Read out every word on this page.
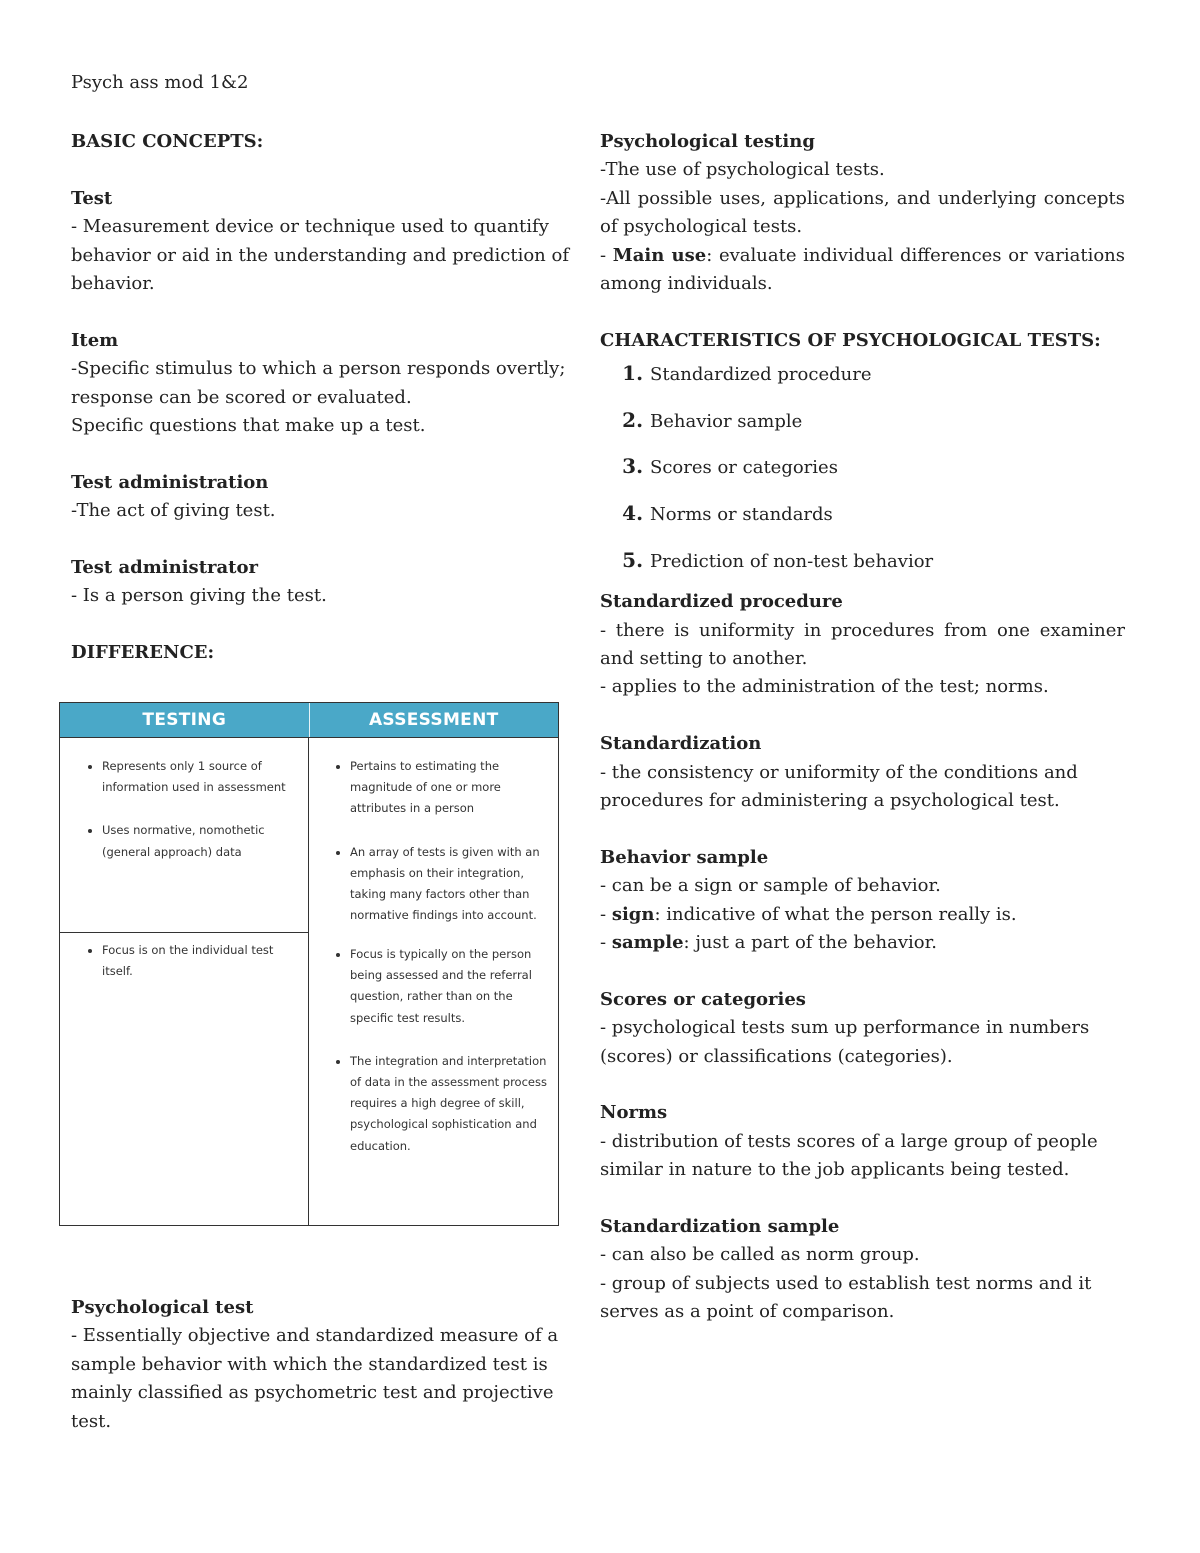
Psych ass mod 1&2

BASIC CONCEPTS:

Test

- Measurement device or technique used to quantify behavior or aid in the understanding and prediction of behavior.

Item

-Specific stimulus to which a person responds overtly; response can be scored or evaluated.

Specific questions that make up a test.

Test administration

-The act of giving test.

Test administrator

- Is a person giving the test.

DIFFERENCE:

TESTING	ASSESSMENT
• Represents only 1 source of information used in assessment
• Uses normative, nomothetic (general approach) data
• Focus is on the individual test itself.
• Pertains to estimating the magnitude of one or more attributes in a person
• An array of tests is given with an emphasis on their integration, taking many factors other than normative findings into account.
• Focus is typically on the person being assessed and the referral question, rather than on the specific test results.
• The integration and interpretation of data in the assessment process requires a high degree of skill, psychological sophistication and education.

Psychological test

- Essentially objective and standardized measure of a sample behavior with which the standardized test is mainly classified as psychometric test and projective test.

Psychological testing

-The use of psychological tests.

-All possible uses, applications, and underlying concepts of psychological tests.

- Main use: evaluate individual differences or variations among individuals.

CHARACTERISTICS OF PSYCHOLOGICAL TESTS:

1. Standardized procedure
2. Behavior sample
3. Scores or categories
4. Norms or standards
5. Prediction of non-test behavior

Standardized procedure

- there is uniformity in procedures from one examiner and setting to another.

- applies to the administration of the test; norms.

Standardization

- the consistency or uniformity of the conditions and procedures for administering a psychological test.

Behavior sample

- can be a sign or sample of behavior.

- sign: indicative of what the person really is.

- sample: just a part of the behavior.

Scores or categories

- psychological tests sum up performance in numbers (scores) or classifications (categories).

Norms

- distribution of tests scores of a large group of people similar in nature to the job applicants being tested.

Standardization sample

- can also be called as norm group.

- group of subjects used to establish test norms and it serves as a point of comparison.
